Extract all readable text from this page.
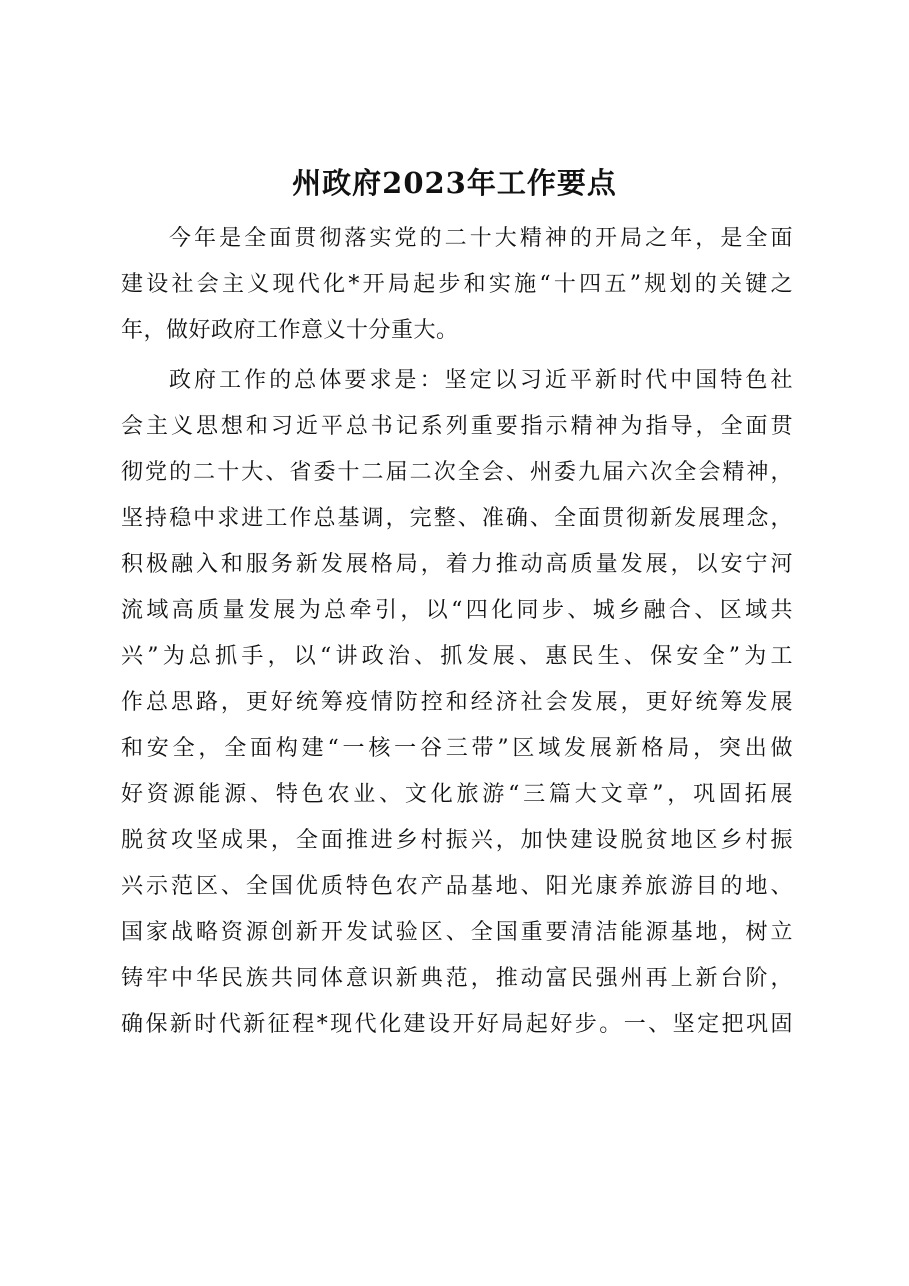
州政府2023年工作要点
今年是全面贯彻落实党的二十大精神的开局之年，是全面
建设社会主义现代化*开局起步和实施“十四五”规划的关键之
年，做好政府工作意义十分重大。
政府工作的总体要求是：坚定以习近平新时代中国特色社
会主义思想和习近平总书记系列重要指示精神为指导，全面贯
彻党的二十大、省委十二届二次全会、州委九届六次全会精神，
坚持稳中求进工作总基调，完整、准确、全面贯彻新发展理念，
积极融入和服务新发展格局，着力推动高质量发展，以安宁河
流域高质量发展为总牵引，以“四化同步、城乡融合、区域共
兴”为总抓手，以“讲政治、抓发展、惠民生、保安全”为工
作总思路，更好统筹疫情防控和经济社会发展，更好统筹发展
和安全，全面构建“一核一谷三带”区域发展新格局，突出做
好资源能源、特色农业、文化旅游“三篇大文章”，巩固拓展
脱贫攻坚成果，全面推进乡村振兴，加快建设脱贫地区乡村振
兴示范区、全国优质特色农产品基地、阳光康养旅游目的地、
国家战略资源创新开发试验区、全国重要清洁能源基地，树立
铸牢中华民族共同体意识新典范，推动富民强州再上新台阶，
确保新时代新征程*现代化建设开好局起好步。一、坚定把巩固
